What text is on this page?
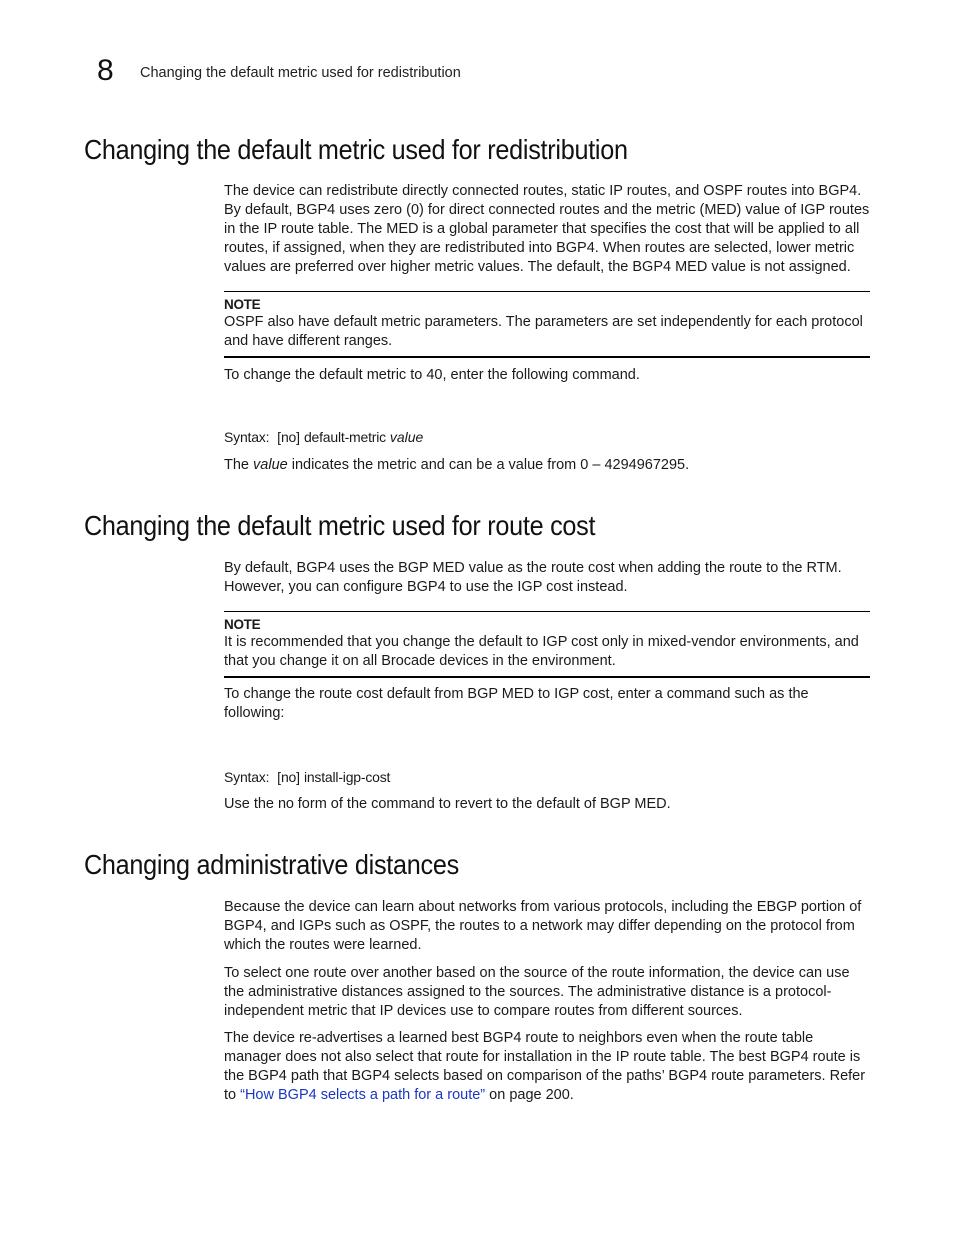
8 Changing the default metric used for redistribution
Changing the default metric used for redistribution

The device can redistribute directly connected routes, static IP routes, and OSPF routes into BGP4. By default, BGP4 uses zero (0) for direct connected routes and the metric (MED) value of IGP routes in the IP route table. The MED is a global parameter that specifies the cost that will be applied to all routes, if assigned, when they are redistributed into BGP4. When routes are selected, lower metric values are preferred over higher metric values. The default, the BGP4 MED value is not assigned.

NOTE

OSPF also have default metric parameters. The parameters are set independently for each protocol and have different ranges.

To change the default metric to 40, enter the following command.

Syntax: [no] default-metric value

The value indicates the metric and can be a value from 0 – 4294967295.

Changing the default metric used for route cost

By default, BGP4 uses the BGP MED value as the route cost when adding the route to the RTM. However, you can configure BGP4 to use the IGP cost instead.

NOTE

It is recommended that you change the default to IGP cost only in mixed-vendor environments, and that you change it on all Brocade devices in the environment.

To change the route cost default from BGP MED to IGP cost, enter a command such as the following:

Syntax: [no] install-igp-cost

Use the no form of the command to revert to the default of BGP MED.

Changing administrative distances

Because the device can learn about networks from various protocols, including the EBGP portion of BGP4, and IGPs such as OSPF, the routes to a network may differ depending on the protocol from which the routes were learned.

To select one route over another based on the source of the route information, the device can use the administrative distances assigned to the sources. The administrative distance is a protocol-independent metric that IP devices use to compare routes from different sources.

The device re-advertises a learned best BGP4 route to neighbors even when the route table manager does not also select that route for installation in the IP route table. The best BGP4 route is the BGP4 path that BGP4 selects based on comparison of the paths’ BGP4 route parameters. Refer to “How BGP4 selects a path for a route” on page 200.
